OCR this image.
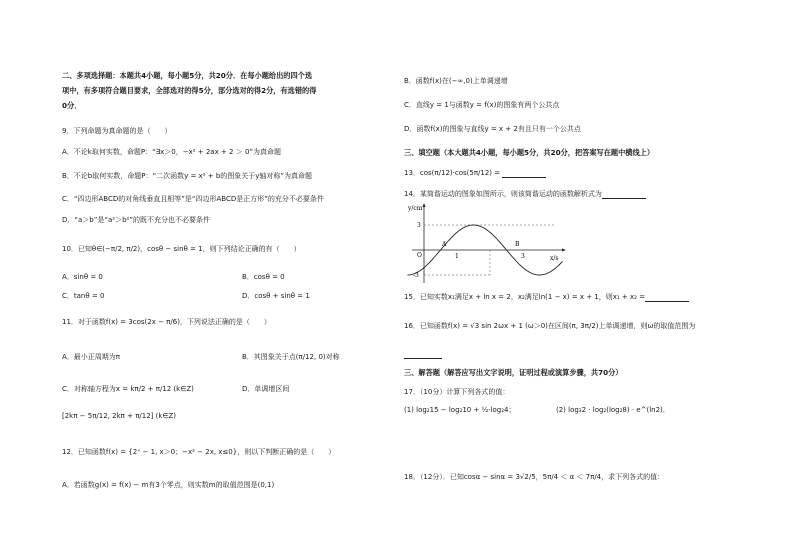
二、多项选择题：本题共4小题，每小题5分，共20分．在每小题给出的四个选
项中，有多项符合题目要求，全部选对的得5分，部分选对的得2分，有选错的得
0分．
9．下列命题为真命题的是（　　）
A．不论k取何实数，命题P：“∃x＞0，−x² + 2ax + 2 ＞ 0”为真命题
B．不论b取何实数，命题P：“二次函数y = x² + b的图象关于y轴对称”为真命题
C．“四边形ABCD的对角线垂直且相等”是“四边形ABCD是正方形”的充分不必要条件
D．“a＞b”是“a²＞b²”的既不充分也不必要条件
10．已知θ∈(−π/2, π/2)，cosθ − sinθ = 1，则下列结论正确的有（　　）
A．sinθ = 0	B．cosθ = 0
C．tanθ = 0	D．cosθ + sinθ = 1
11．对于函数f(x) = 3cos(2x − π/6)，下列说法正确的是（　　）
A．最小正周期为π	B．其图象关于点(π/12, 0)对称
C．对称轴方程为x = kπ/2 + π/12 (k∈Z)	D．单调增区间
[2kπ − 5π/12, 2kπ + π/12] (k∈Z)
12．已知函数f(x) = {2ˣ − 1, x＞0；−x² − 2x, x≤0}，则以下判断正确的是（　　）
A．若函数g(x) = f(x) − m有3个零点，则实数m的取值范围是(0,1)
B．函数f(x)在(−∞,0)上单调递增
C．直线y = 1与函数y = f(x)的图象有两个公共点
D．函数f(x)的图象与直线y = x + 2有且只有一个公共点
三、填空题（本大题共4小题，每小题5分，共20分，把答案写在题中横线上）
13．cos(π/12)·cos(5π/12) =
14．某简谐运动的图象如图所示，则该简谐运动的函数解析式为
y/cm
x/s
3
-3
O	1	3
A	B
15．已知实数x₁满足x + ln x = 2，x₂满足ln(1 − x) = x + 1，则x₁ + x₂ =
16．已知函数f(x) = √3 sin 2ωx + 1 (ω＞0)在区间(π, 3π/2)上单调递增，则ω的取值范围为
三、解答题（解答应写出文字说明，证明过程或演算步骤，共70分）
17．（10分）计算下列各式的值：
(1) log₂15 − log₂10 + ½·log₂4；	(2) log₃2 · log₂(log₂8) · e^(ln2)．
18．（12分）．已知cosα − sinα = 3√2/5，5π/4 ＜ α ＜ 7π/4，求下列各式的值：
